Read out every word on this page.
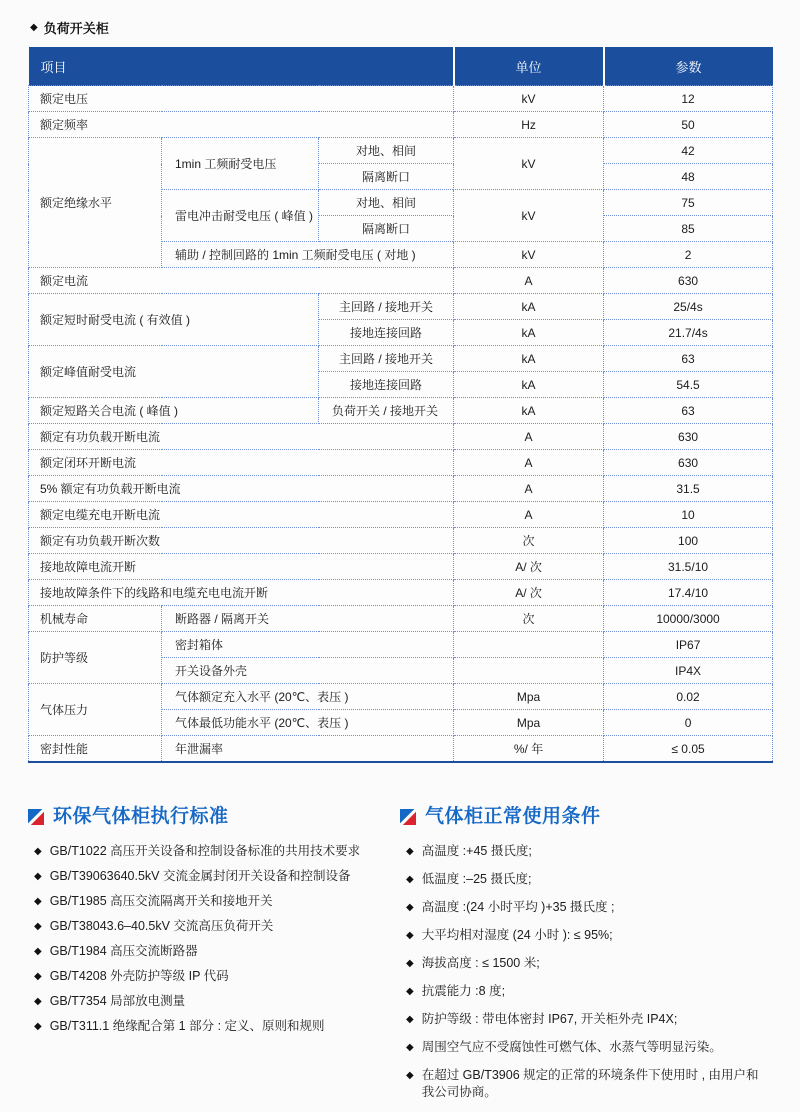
◆ 负荷开关柜
项目			单位	参数
额定电压			kV	12
额定频率			Hz	50
额定绝缘水平	1min 工频耐受电压	对地、相间	kV	42
		隔离断口		48
	雷电冲击耐受电压 ( 峰值 )	对地、相间	kV	75
		隔离断口		85
	辅助 / 控制回路的 1min 工频耐受电压 ( 对地 )		kV	2
额定电流			A	630
额定短时耐受电流 ( 有效值 )		主回路 / 接地开关	kA	25/4s
		接地连接回路	kA	21.7/4s
额定峰值耐受电流		主回路 / 接地开关	kA	63
		接地连接回路	kA	54.5
额定短路关合电流 ( 峰值 )		负荷开关 / 接地开关	kA	63
额定有功负载开断电流			A	630
额定闭环开断电流			A	630
5% 额定有功负载开断电流			A	31.5
额定电缆充电开断电流			A	10
额定有功负载开断次数			次	100
接地故障电流开断			A/ 次	31.5/10
接地故障条件下的线路和电缆充电电流开断			A/ 次	17.4/10
机械寿命	断路器 / 隔离开关		次	10000/3000
防护等级	密封箱体			IP67
	开关设备外壳			IP4X
气体压力	气体额定充入水平 (20℃、表压 )		Mpa	0.02
	气体最低功能水平 (20℃、表压 )		Mpa	0
密封性能	年泄漏率		%/ 年	≤ 0.05
环保气体柜执行标准
◆ GB/T1022 高压开关设备和控制设备标准的共用技术要求
◆ GB/T39063640.5kV 交流金属封闭开关设备和控制设备
◆ GB/T1985 高压交流隔离开关和接地开关
◆ GB/T38043.6–40.5kV 交流高压负荷开关
◆ GB/T1984 高压交流断路器
◆ GB/T4208 外壳防护等级 IP 代码
◆ GB/T7354 局部放电测量
◆ GB/T311.1 绝缘配合第 1 部分 : 定义、原则和规则
气体柜正常使用条件
◆ 高温度 :+45 摄氏度;
◆ 低温度 :–25 摄氏度;
◆ 高温度 :(24 小时平均 )+35 摄氏度 ;
◆ 大平均相对湿度 (24 小时 ): ≤ 95%;
◆ 海拔高度 : ≤ 1500 米;
◆ 抗震能力 :8 度;
◆ 防护等级 : 带电体密封 IP67, 开关柜外壳 IP4X;
◆ 周围空气应不受腐蚀性可燃气体、水蒸气等明显污染。
◆ 在超过 GB/T3906 规定的正常的环境条件下使用时 , 由用户和我公司协商。
